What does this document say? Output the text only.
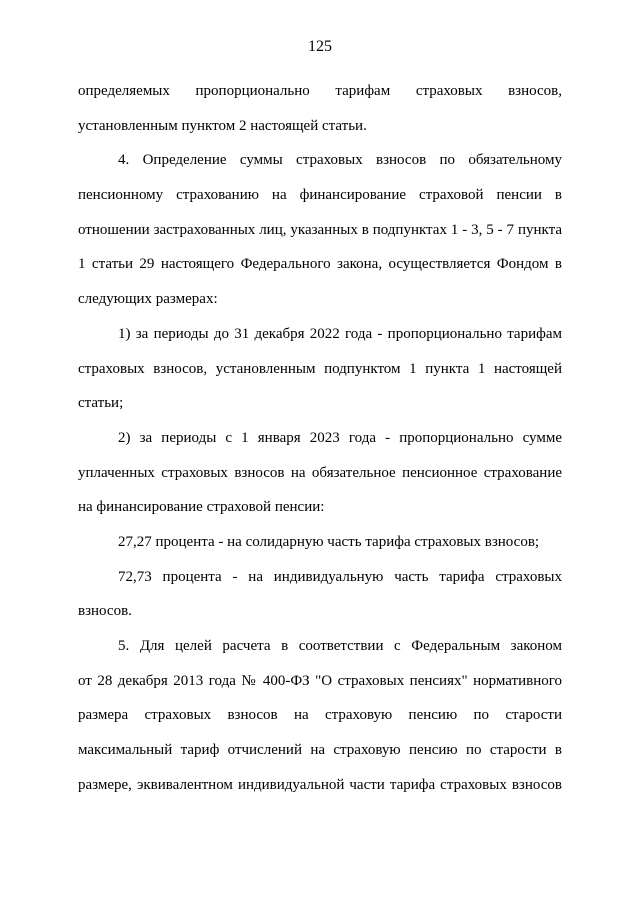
125
определяемых пропорционально тарифам страховых взносов,
установленным пунктом 2 настоящей статьи.
4. Определение суммы страховых взносов по обязательному
пенсионному страхованию на финансирование страховой пенсии в
отношении застрахованных лиц, указанных в подпунктах 1 - 3, 5 - 7 пункта
1 статьи 29 настоящего Федерального закона, осуществляется Фондом в
следующих размерах:
1) за периоды до 31 декабря 2022 года - пропорционально тарифам
страховых взносов, установленным подпунктом 1 пункта 1 настоящей
статьи;
2) за периоды с 1 января 2023 года - пропорционально сумме
уплаченных страховых взносов на обязательное пенсионное страхование
на финансирование страховой пенсии:
27,27 процента - на солидарную часть тарифа страховых взносов;
72,73 процента - на индивидуальную часть тарифа страховых
взносов.
5. Для целей расчета в соответствии с Федеральным законом
от 28 декабря 2013 года № 400-ФЗ "О страховых пенсиях" нормативного
размера страховых взносов на страховую пенсию по старости
максимальный тариф отчислений на страховую пенсию по старости в
размере, эквивалентном индивидуальной части тарифа страховых взносов
